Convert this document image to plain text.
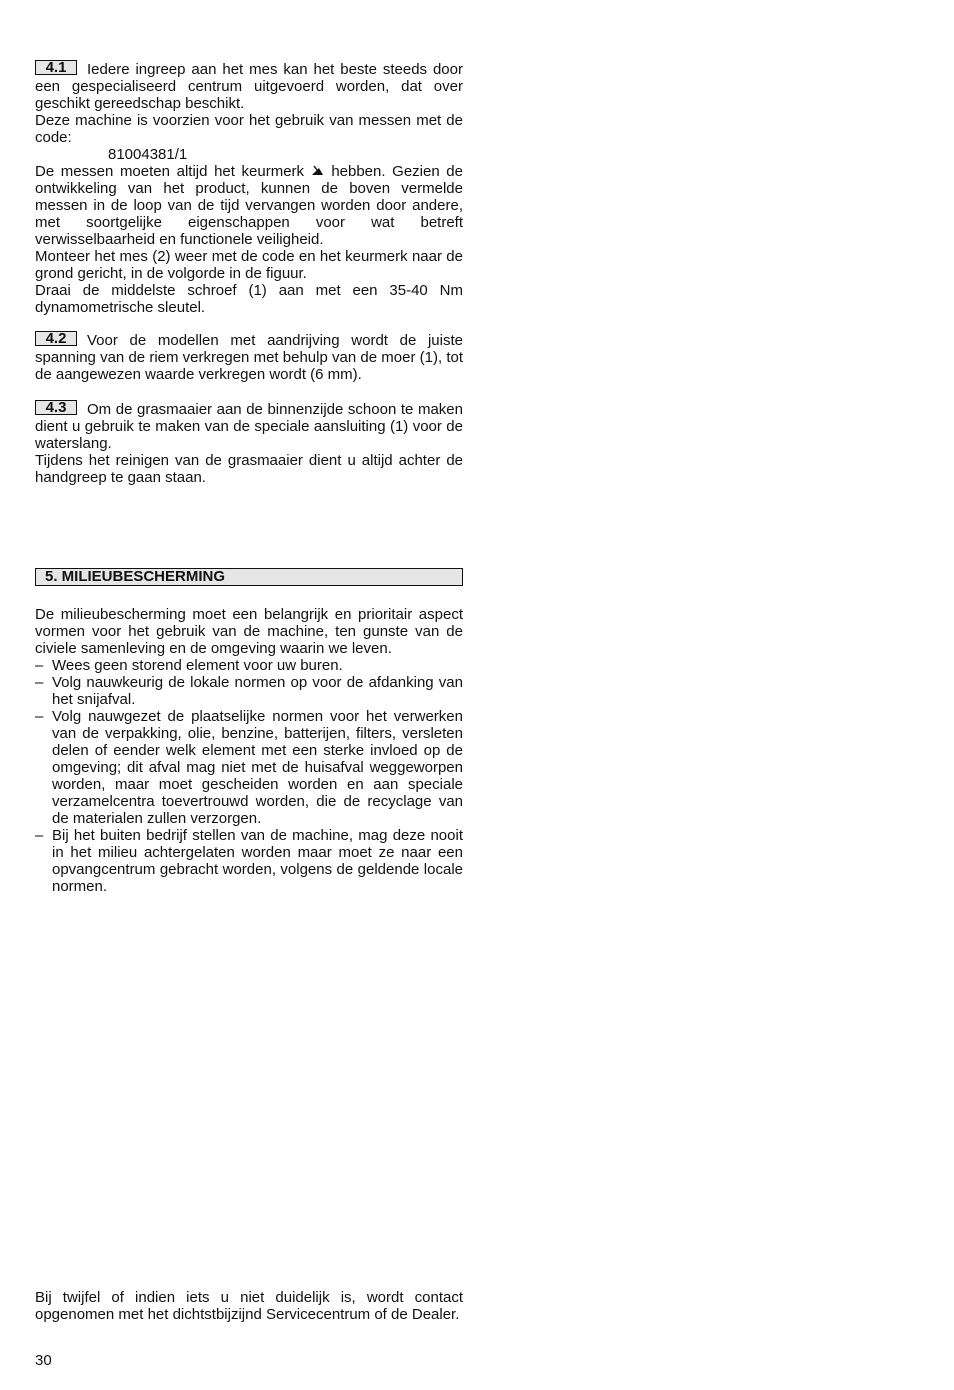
4.1 Iedere ingreep aan het mes kan het beste steeds door een gespecialiseerd centrum uitgevoerd worden, dat over geschikt gereedschap beschikt.

Deze machine is voorzien voor het gebruik van messen met de code:

81004381/1

De messen moeten altijd het keurmerk hebben. Gezien de ontwikkeling van het product, kunnen de boven vermelde messen in de loop van de tijd vervangen worden door andere, met soortgelijke eigenschappen voor wat betreft verwisselbaarheid en functionele veiligheid.

Monteer het mes (2) weer met de code en het keurmerk naar de grond gericht, in de volgorde in de figuur.

Draai de middelste schroef (1) aan met een 35-40 Nm dynamometrische sleutel.

4.2 Voor de modellen met aandrijving wordt de juiste spanning van de riem verkregen met behulp van de moer (1), tot de aangewezen waarde verkregen wordt (6 mm).

4.3 Om de grasmaaier aan de binnenzijde schoon te maken dient u gebruik te maken van de speciale aansluiting (1) voor de waterslang.

Tijdens het reinigen van de grasmaaier dient u altijd achter de handgreep te gaan staan.

5. MILIEUBESCHERMING

De milieubescherming moet een belangrijk en prioritair aspect vormen voor het gebruik van de machine, ten gunste van de civiele samenleving en de omgeving waarin we leven.

– Wees geen storend element voor uw buren.
– Volg nauwkeurig de lokale normen op voor de afdanking van het snijafval.
– Volg nauwgezet de plaatselijke normen voor het verwerken van de verpakking, olie, benzine, batterijen, filters, versleten delen of eender welk element met een sterke invloed op de omgeving; dit afval mag niet met de huisafval weggeworpen worden, maar moet gescheiden worden en aan speciale verzamelcentra toevertrouwd worden, die de recyclage van de materialen zullen verzorgen.
– Bij het buiten bedrijf stellen van de machine, mag deze nooit in het milieu achtergelaten worden maar moet ze naar een opvangcentrum gebracht worden, volgens de geldende locale normen.

Bij twijfel of indien iets u niet duidelijk is, wordt contact opgenomen met het dichtstbijzijnd Servicecentrum of de Dealer.

30
